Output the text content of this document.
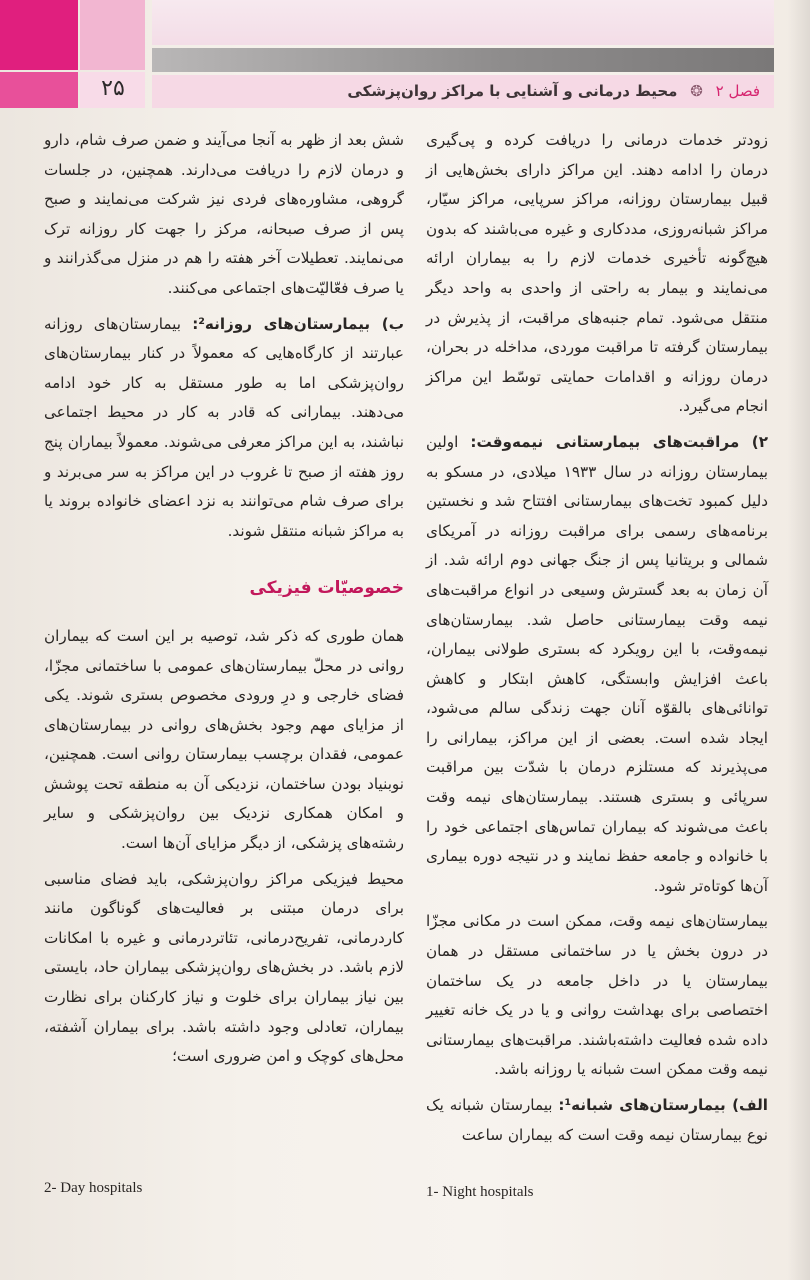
۲۵	فصل ۲ ❂ محیط درمانی و آشنایی با مراکز روان‌پزشکی

زودتر خدمات درمانی را دریافت کرده و پی‌گیری درمان را ادامه دهند. این مراکز دارای بخش‌هایی از قبیل بیمارستان روزانه، مراکز سرپایی، مراکز سیّار، مراکز شبانه‌روزی، مددکاری و غیره می‌باشند که بدون هیچ‌گونه تأخیری خدمات لازم را به بیماران ارائه می‌نمایند و بیمار به راحتی از واحدی به واحد دیگر منتقل می‌شود. تمام جنبه‌های مراقبت، از پذیرش در بیمارستان گرفته تا مراقبت موردی، مداخله در بحران، درمان روزانه و اقدامات حمایتی توسّط این مراکز انجام می‌گیرد.

۲) مراقبت‌های بیمارستانی نیمه‌وقت: اولین بیمارستان روزانه در سال ۱۹۳۳ میلادی، در مسکو به دلیل کمبود تخت‌های بیمارستانی افتتاح شد و نخستین برنامه‌های رسمی برای مراقبت روزانه در آمریکای شمالی و بریتانیا پس از جنگ جهانی دوم ارائه شد. از آن زمان به بعد گسترش وسیعی در انواع مراقبت‌های نیمه وقت بیمارستانی حاصل شد. بیمارستان‌های نیمه‌وقت، با این رویکرد که بستری طولانی بیماران، باعث افزایش وابستگی، کاهش ابتکار و کاهش توانائی‌های بالقوّه آنان جهت زندگی سالم می‌شود، ایجاد شده است. بعضی از این مراکز، بیمارانی را می‌پذیرند که مستلزم درمان با شدّت بین مراقبت سرپائی و بستری هستند. بیمارستان‌های نیمه وقت باعث می‌شوند که بیماران تماس‌های اجتماعی خود را با خانواده و جامعه حفظ نمایند و در نتیجه دوره بیماری آن‌ها کوتاه‌تر شود.

بیمارستان‌های نیمه وقت، ممکن است در مکانی مجزّا در درون بخش یا در ساختمانی مستقل در همان بیمارستان یا در داخل جامعه در یک ساختمان اختصاصی برای بهداشت روانی و یا در یک خانه تغییر داده شده فعالیت داشته‌باشند. مراقبت‌های بیمارستانی نیمه وقت ممکن است شبانه یا روزانه باشد.

الف) بیمارستان‌های شبانه¹: بیمارستان شبانه یک نوع بیمارستان نیمه وقت است که بیماران ساعت

شش بعد از ظهر به آنجا می‌آیند و ضمن صرف شام، دارو و درمان لازم را دریافت می‌دارند. همچنین، در جلسات گروهی، مشاوره‌های فردی نیز شرکت می‌نمایند و صبح پس از صرف صبحانه، مرکز را جهت کار روزانه ترک می‌نمایند. تعطیلات آخر هفته را هم در منزل می‌گذرانند و یا صرف فعّالیّت‌های اجتماعی می‌کنند.

ب) بیمارستان‌های روزانه²: بیمارستان‌های روزانه عبارتند از کارگاه‌هایی که معمولاً در کنار بیمارستان‌های روان‌پزشکی اما به طور مستقل به کار خود ادامه می‌دهند. بیمارانی که قادر به کار در محیط اجتماعی نباشند، به این مراکز معرفی می‌شوند. معمولاً بیماران پنج روز هفته از صبح تا غروب در این مراکز به سر می‌برند و برای صرف شام می‌توانند به نزد اعضای خانواده بروند یا به مراکز شبانه منتقل شوند.

خصوصیّات فیزیکی

همان طوری که ذکر شد، توصیه بر این است که بیماران روانی در محلّ بیمارستان‌های عمومی با ساختمانی مجزّا، فضای خارجی و درِ ورودی مخصوص بستری شوند. یکی از مزایای مهم وجود بخش‌های روانی در بیمارستان‌های عمومی، فقدان برچسب بیمارستان روانی است. همچنین، نوبنیاد بودن ساختمان، نزدیکی آن به منطقه تحت پوشش و امکان همکاری نزدیک بین روان‌پزشکی و سایر رشته‌های پزشکی، از دیگر مزایای آن‌ها است.

محیط فیزیکی مراکز روان‌پزشکی، باید فضای مناسبی برای درمان مبتنی بر فعالیت‌های گوناگون مانند کاردرمانی، تفریح‌درمانی، تئاتردرمانی و غیره با امکانات لازم باشد. در بخش‌های روان‌پزشکی بیماران حاد، بایستی بین نیاز بیماران برای خلوت و نیاز کارکنان برای نظارت بیماران، تعادلی وجود داشته باشد. برای بیماران آشفته، محل‌های کوچک و امن ضروری است؛

2- Day hospitals	1- Night hospitals
